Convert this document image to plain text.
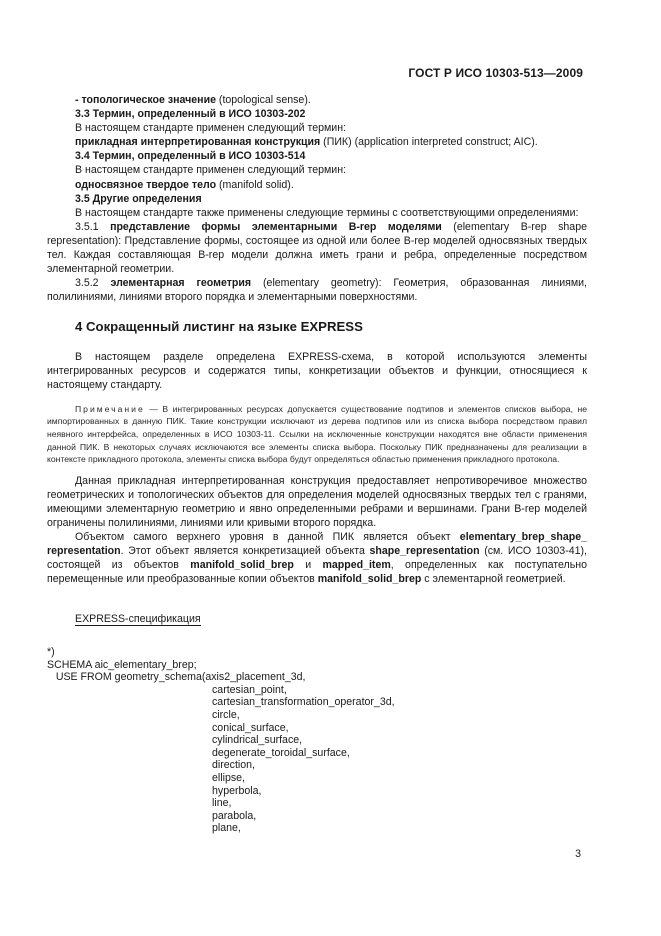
ГОСТ Р ИСО 10303-513—2009

- топологическое значение (topological sense).

3.3 Термин, определенный в ИСО 10303-202

В настоящем стандарте применен следующий термин:

прикладная интерпретированная конструкция (ПИК) (application interpreted construct; AIC).

3.4 Термин, определенный в ИСО 10303-514

В настоящем стандарте применен следующий термин:

односвязное твердое тело (manifold solid).

3.5 Другие определения

В настоящем стандарте также применены следующие термины с соответствующими определениями:

3.5.1 представление формы элементарными B-rep моделями (elementary B-rep shape representation): Представление формы, состоящее из одной или более B-rep моделей односвязных твердых тел. Каждая составляющая B-rep модели должна иметь грани и ребра, определенные посредством элементарной геометрии.

3.5.2 элементарная геометрия (elementary geometry): Геометрия, образованная линиями, полилиниями, линиями второго порядка и элементарными поверхностями.

4 Сокращенный листинг на языке EXPRESS

В настоящем разделе определена EXPRESS-схема, в которой используются элементы интегрированных ресурсов и содержатся типы, конкретизации объектов и функции, относящиеся к настоящему стандарту.

Примечание — В интегрированных ресурсах допускается существование подтипов и элементов списков выбора, не импортированных в данную ПИК. Такие конструкции исключают из дерева подтипов или из списка выбора посредством правил неявного интерфейса, определенных в ИСО 10303-11. Ссылки на исключенные конструкции находятся вне области применения данной ПИК. В некоторых случаях исключаются все элементы списка выбора. Поскольку ПИК предназначены для реализации в контексте прикладного протокола, элементы списка выбора будут определяться областью применения прикладного протокола.

Данная прикладная интерпретированная конструкция предоставляет непротиворечивое множество геометрических и топологических объектов для определения моделей односвязных твердых тел с гранями, имеющими элементарную геометрию и явно определенными ребрами и вершинами. Грани B-rep моделей ограничены полилиниями, линиями или кривыми второго порядка.

Объектом самого верхнего уровня в данной ПИК является объект elementary_brep_shape_ representation. Этот объект является конкретизацией объекта shape_representation (см. ИСО 10303-41), состоящей из объектов manifold_solid_brep и mapped_item, определенных как поступательно перемещенные или преобразованные копии объектов manifold_solid_brep с элементарной геометрией.

EXPRESS-спецификация

*)
SCHEMA aic_elementary_brep;
USE FROM geometry_schema(axis2_placement_3d,
cartesian_point,
cartesian_transformation_operator_3d,
circle,
conical_surface,
cylindrical_surface,
degenerate_toroidal_surface,
direction,
ellipse,
hyperbola,
line,
parabola,
plane,
3
